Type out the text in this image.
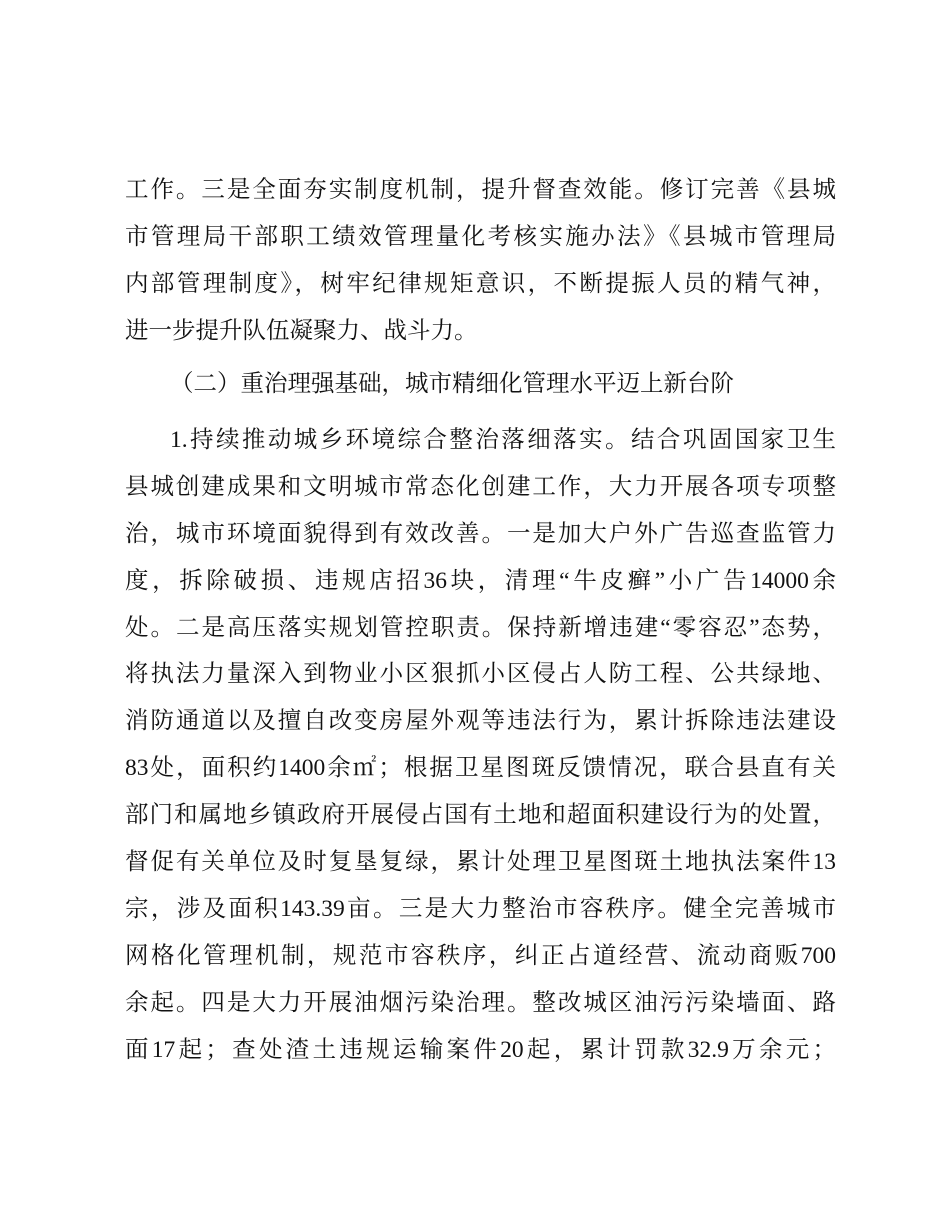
工作。三是全面夯实制度机制，提升督查效能。修订完善《县城
市管理局干部职工绩效管理量化考核实施办法》《县城市管理局
内部管理制度》，树牢纪律规矩意识，不断提振人员的精气神，
进一步提升队伍凝聚力、战斗力。
（二）重治理强基础，城市精细化管理水平迈上新台阶
1.持续推动城乡环境综合整治落细落实。结合巩固国家卫生
县城创建成果和文明城市常态化创建工作，大力开展各项专项整
治，城市环境面貌得到有效改善。一是加大户外广告巡查监管力
度，拆除破损、违规店招36块，清理“牛皮癣”小广告14000余
处。二是高压落实规划管控职责。保持新增违建“零容忍”态势，
将执法力量深入到物业小区狠抓小区侵占人防工程、公共绿地、
消防通道以及擅自改变房屋外观等违法行为，累计拆除违法建设
83处，面积约1400余㎡；根据卫星图斑反馈情况，联合县直有关
部门和属地乡镇政府开展侵占国有土地和超面积建设行为的处置，
督促有关单位及时复垦复绿，累计处理卫星图斑土地执法案件13
宗，涉及面积143.39亩。三是大力整治市容秩序。健全完善城市
网格化管理机制，规范市容秩序，纠正占道经营、流动商贩700
余起。四是大力开展油烟污染治理。整改城区油污污染墙面、路
面17起；查处渣土违规运输案件20起，累计罚款32.9万余元；
